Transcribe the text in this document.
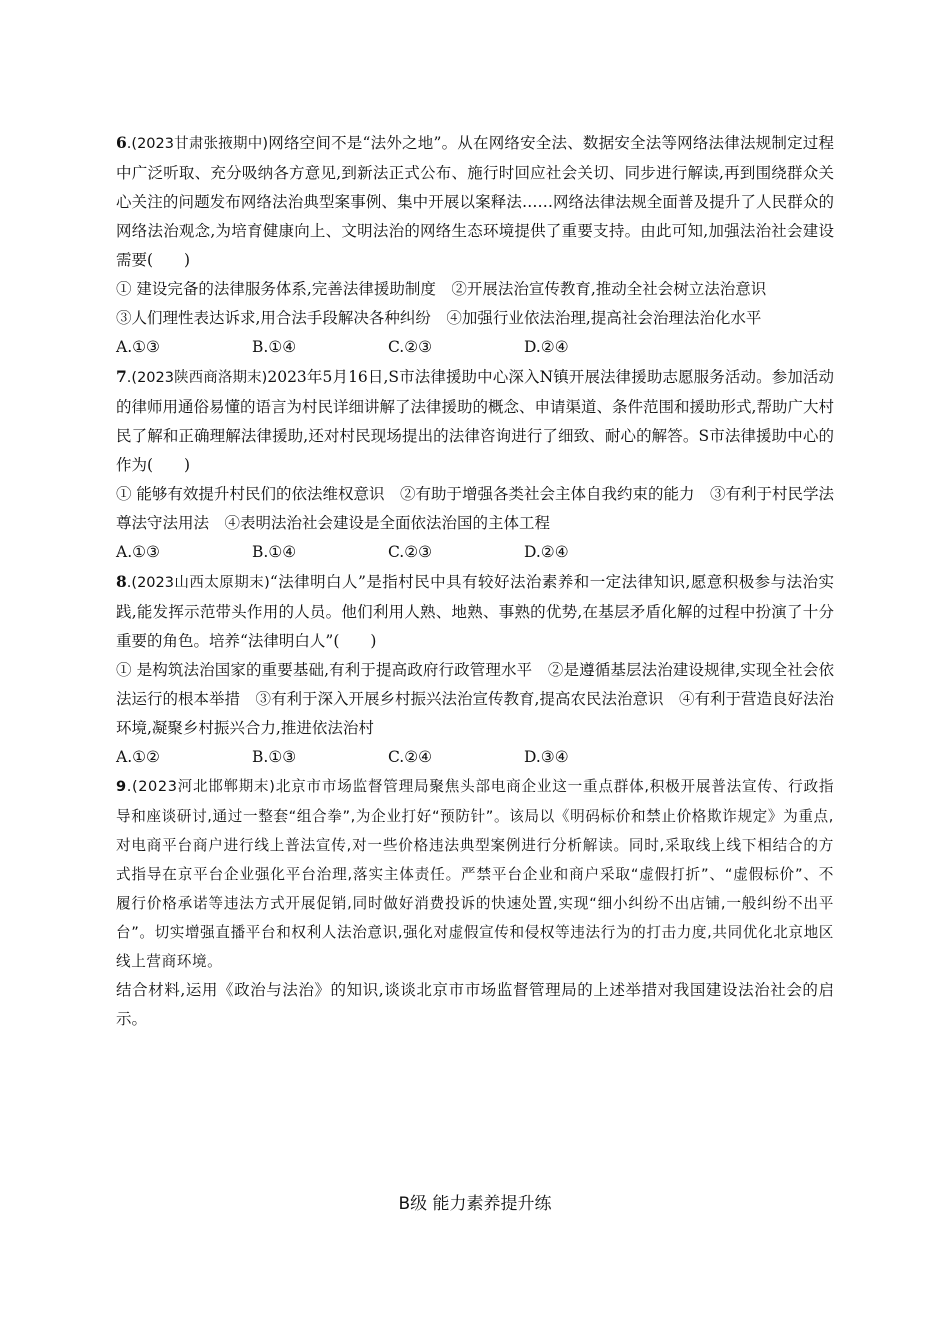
6.(2023甘肃张掖期中)网络空间不是“法外之地”。从在网络安全法、数据安全法等网络法律法规制定过程中广泛听取、充分吸纳各方意见,到新法正式公布、施行时回应社会关切、同步进行解读,再到围绕群众关心关注的问题发布网络法治典型案事例、集中开展以案释法……网络法律法规全面普及提升了人民群众的网络法治观念,为培育健康向上、文明法治的网络生态环境提供了重要支持。由此可知,加强法治社会建设需要(　　)

① 建设完备的法律服务体系,完善法律援助制度　②开展法治宣传教育,推动全社会树立法治意识

③人们理性表达诉求,用合法手段解决各种纠纷　④加强行业依法治理,提高社会治理法治化水平

A.①③	B.①④	C.②③	D.②④

7.(2023陕西商洛期末)2023年5月16日,S市法律援助中心深入N镇开展法律援助志愿服务活动。参加活动的律师用通俗易懂的语言为村民详细讲解了法律援助的概念、申请渠道、条件范围和援助形式,帮助广大村民了解和正确理解法律援助,还对村民现场提出的法律咨询进行了细致、耐心的解答。S市法律援助中心的作为(　　)

① 能够有效提升村民们的依法维权意识　②有助于增强各类社会主体自我约束的能力　③有利于村民学法尊法守法用法　④表明法治社会建设是全面依法治国的主体工程

A.①③	B.①④	C.②③	D.②④

8.(2023山西太原期末)“法律明白人”是指村民中具有较好法治素养和一定法律知识,愿意积极参与法治实践,能发挥示范带头作用的人员。他们利用人熟、地熟、事熟的优势,在基层矛盾化解的过程中扮演了十分重要的角色。培养“法律明白人”(　　)

① 是构筑法治国家的重要基础,有利于提高政府行政管理水平　②是遵循基层法治建设规律,实现全社会依法运行的根本举措　③有利于深入开展乡村振兴法治宣传教育,提高农民法治意识　④有利于营造良好法治环境,凝聚乡村振兴合力,推进依法治村

A.①②	B.①③	C.②④	D.③④

9.(2023河北邯郸期末)北京市市场监督管理局聚焦头部电商企业这一重点群体,积极开展普法宣传、行政指导和座谈研讨,通过一整套“组合拳”,为企业打好“预防针”。该局以《明码标价和禁止价格欺诈规定》为重点,对电商平台商户进行线上普法宣传,对一些价格违法典型案例进行分析解读。同时,采取线上线下相结合的方式指导在京平台企业强化平台治理,落实主体责任。严禁平台企业和商户采取“虚假打折”、“虚假标价”、不履行价格承诺等违法方式开展促销,同时做好消费投诉的快速处置,实现“细小纠纷不出店铺,一般纠纷不出平台”。切实增强直播平台和权利人法治意识,强化对虚假宣传和侵权等违法行为的打击力度,共同优化北京地区线上营商环境。

结合材料,运用《政治与法治》的知识,谈谈北京市市场监督管理局的上述举措对我国建设法治社会的启示。

B级 能力素养提升练
